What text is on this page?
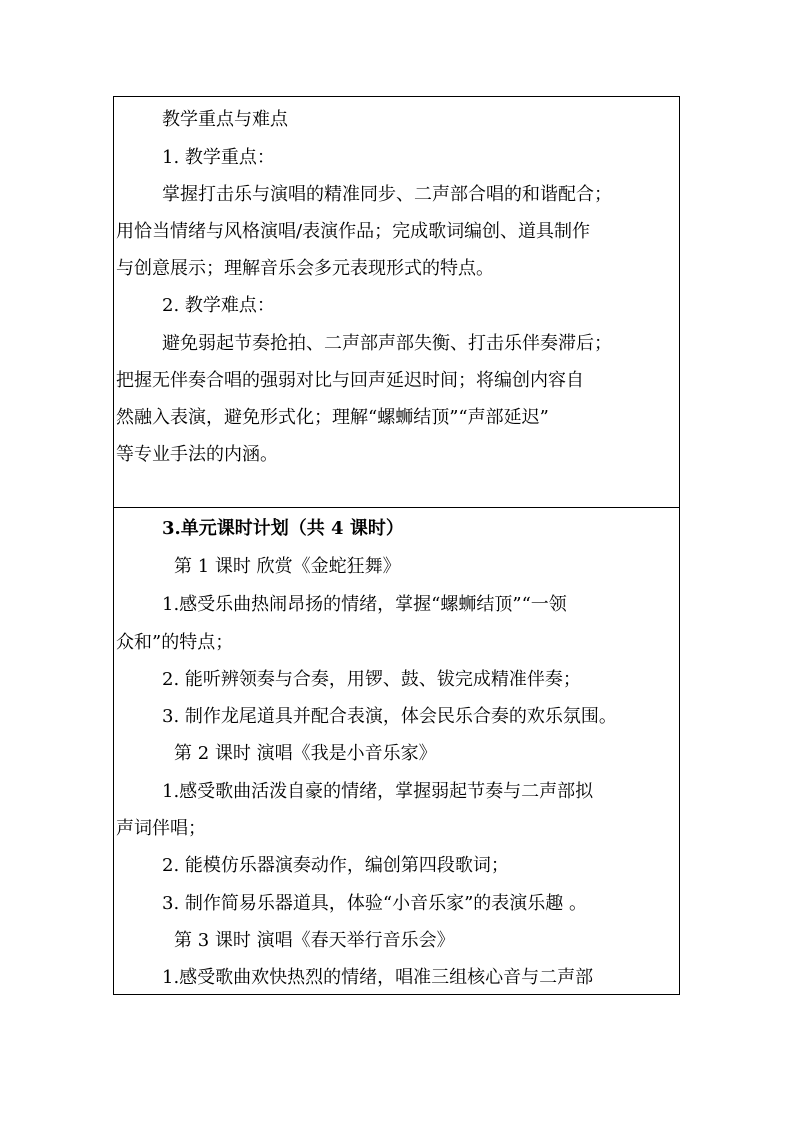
教学重点与难点
1. 教学重点：
掌握打击乐与演唱的精准同步、二声部合唱的和谐配合；
用恰当情绪与风格演唱/表演作品；完成歌词编创、道具制作
与创意展示；理解音乐会多元表现形式的特点。
2. 教学难点：
避免弱起节奏抢拍、二声部声部失衡、打击乐伴奏滞后；
把握无伴奏合唱的强弱对比与回声延迟时间；将编创内容自
然融入表演，避免形式化；理解“螺蛳结顶”“声部延迟”
等专业手法的内涵。
3.单元课时计划（共 4 课时）
第 1 课时 欣赏《金蛇狂舞》
1.感受乐曲热闹昂扬的情绪，掌握“螺蛳结顶”“一领
众和”的特点；
2. 能听辨领奏与合奏，用锣、鼓、钹完成精准伴奏；
3. 制作龙尾道具并配合表演，体会民乐合奏的欢乐氛围。
第 2 课时 演唱《我是小音乐家》
1.感受歌曲活泼自豪的情绪，掌握弱起节奏与二声部拟
声词伴唱；
2. 能模仿乐器演奏动作，编创第四段歌词；
3. 制作简易乐器道具，体验“小音乐家”的表演乐趣 。
第 3 课时 演唱《春天举行音乐会》
1.感受歌曲欢快热烈的情绪，唱准三组核心音与二声部
